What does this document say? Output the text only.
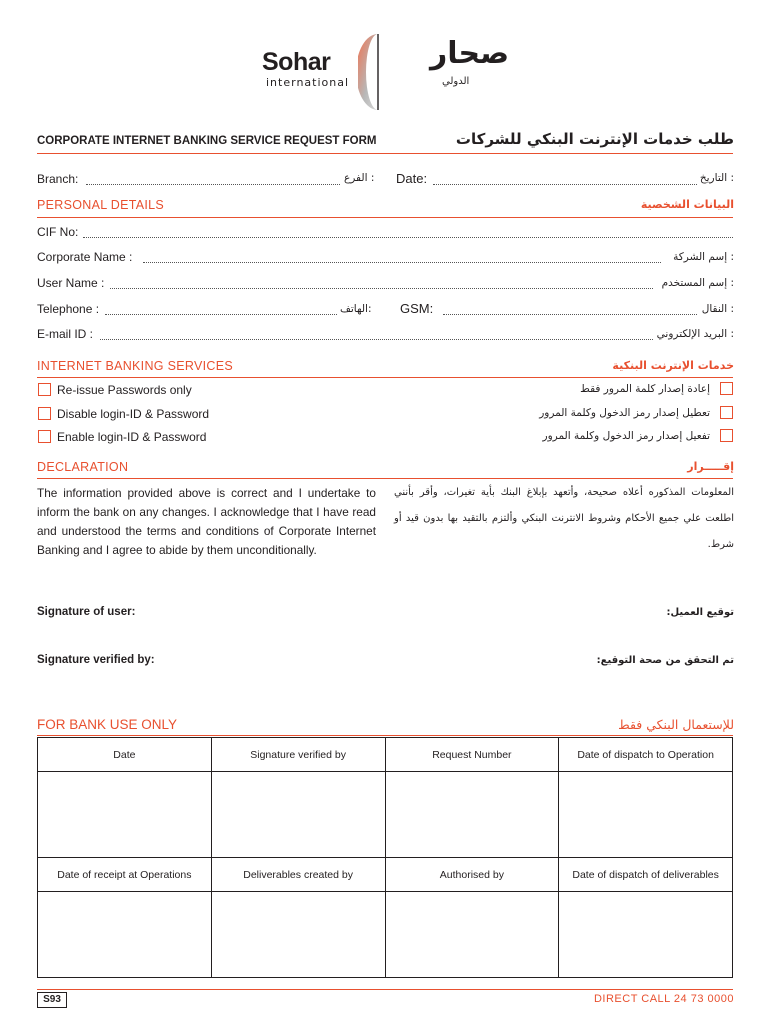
Sohar
international
صحار
الدولي
CORPORATE INTERNET BANKING SERVICE REQUEST FORM	طلب خدمات الإنترنت البنكي للشركات
Branch:	: الفرع Date:	: التاريخ
PERSONAL DETAILS	البيانات الشخصية
CIF No:
Corporate Name :	: إسم الشركة
User Name :	: إسم المستخدم
Telephone :	:الهاتف GSM:	: النقال
E-mail ID :	: البريد الإلكتروني
INTERNET BANKING SERVICES	خدمات الإنترنت البنكية
Re-issue Passwords only	إعادة إصدار كلمة المرور فقط
Disable login-ID & Password	تعطيل إصدار رمز الدخول وكلمة المرور
Enable login-ID & Password	تفعيل إصدار رمز الدخول وكلمة المرور
DECLARATION	إقـــــرار
The information provided above is correct and I undertake to inform the bank on any changes. I acknowledge that I have read and understood the terms and conditions of Corporate Internet Banking and I agree to abide by them unconditionally.
المعلومات المذكوره أعلاه صحيحة، وأتعهد بإبلاغ البنك بأية تغيرات، وأقر بأنني اطلعت علي جميع الأحكام وشروط الانترنت البنكي وألتزم بالتقيد بها بدون قيد أو شرط.
Signature of user:	توقيع العميل:
Signature verified by:	تم التحقق من صحة التوقيع:
FOR BANK USE ONLY	للإستعمال البنكي فقط
Date	Signature verified by	Request Number	Date of dispatch to Operation

Date of receipt at Operations	Deliverables created by	Authorised by	Date of dispatch of deliverables

S93	DIRECT CALL 24 73 0000
